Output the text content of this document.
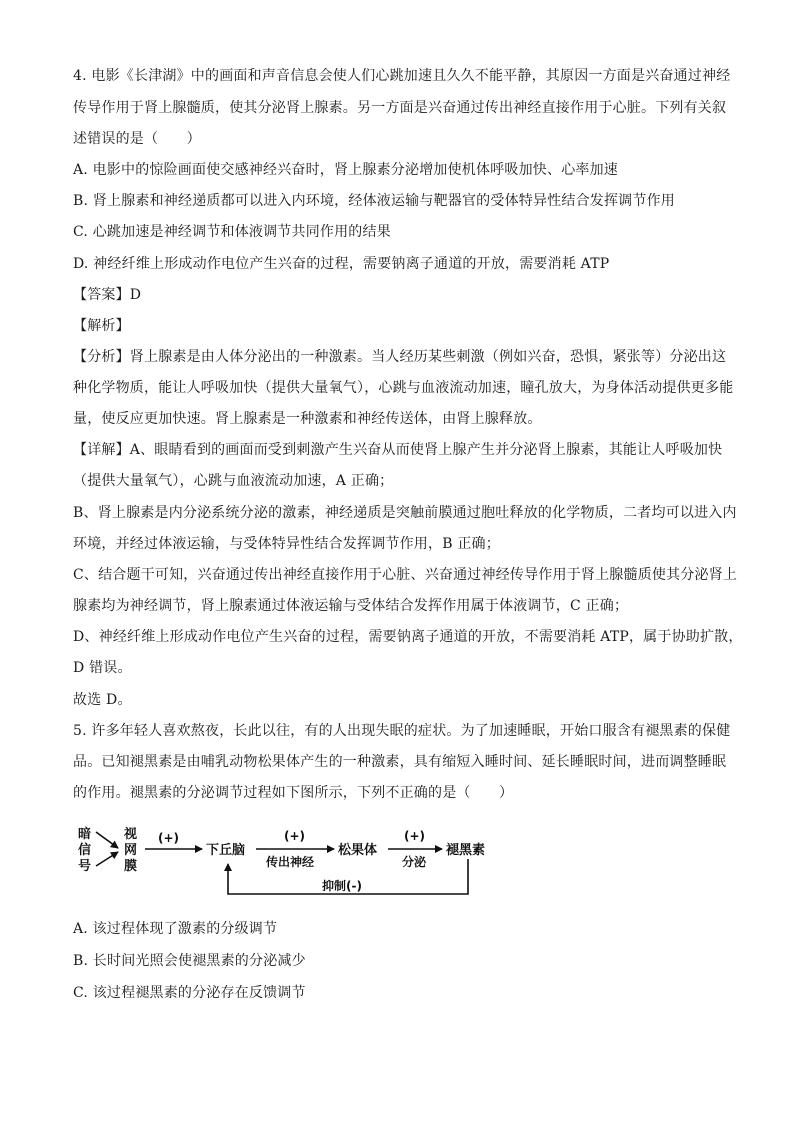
4. 电影《长津湖》中的画面和声音信息会使人们心跳加速且久久不能平静，其原因一方面是兴奋通过神经
传导作用于肾上腺髓质，使其分泌肾上腺素。另一方面是兴奋通过传出神经直接作用于心脏。下列有关叙
述错误的是（　　）
A. 电影中的惊险画面使交感神经兴奋时，肾上腺素分泌增加使机体呼吸加快、心率加速
B. 肾上腺素和神经递质都可以进入内环境，经体液运输与靶器官的受体特异性结合发挥调节作用
C. 心跳加速是神经调节和体液调节共同作用的结果
D. 神经纤维上形成动作电位产生兴奋的过程，需要钠离子通道的开放，需要消耗 ATP
【答案】D
【解析】
【分析】肾上腺素是由人体分泌出的一种激素。当人经历某些刺激（例如兴奋，恐惧，紧张等）分泌出这
种化学物质，能让人呼吸加快（提供大量氧气），心跳与血液流动加速，瞳孔放大，为身体活动提供更多能
量，使反应更加快速。肾上腺素是一种激素和神经传送体，由肾上腺释放。
【详解】A、眼睛看到的画面而受到刺激产生兴奋从而使肾上腺产生并分泌肾上腺素，其能让人呼吸加快
（提供大量氧气），心跳与血液流动加速，A 正确；
B、肾上腺素是内分泌系统分泌的激素，神经递质是突触前膜通过胞吐释放的化学物质，二者均可以进入内
环境，并经过体液运输，与受体特异性结合发挥调节作用，B 正确；
C、结合题干可知，兴奋通过传出神经直接作用于心脏、兴奋通过神经传导作用于肾上腺髓质使其分泌肾上
腺素均为神经调节，肾上腺素通过体液运输与受体结合发挥作用属于体液调节，C 正确；
D、神经纤维上形成动作电位产生兴奋的过程，需要钠离子通道的开放，不需要消耗 ATP，属于协助扩散，
D 错误。
故选 D。
5. 许多年轻人喜欢熬夜，长此以往，有的人出现失眠的症状。为了加速睡眠，开始口服含有褪黑素的保健
品。已知褪黑素是由哺乳动物松果体产生的一种激素，具有缩短入睡时间、延长睡眠时间，进而调整睡眠
的作用。褪黑素的分泌调节过程如下图所示，下列不正确的是（　　）
暗
信
号
视
网
膜
(+)
下丘脑
(+)
传出神经
松果体
(+)
分泌
褪黑素
抑制(-)
A. 该过程体现了激素的分级调节
B. 长时间光照会使褪黑素的分泌减少
C. 该过程褪黑素的分泌存在反馈调节
